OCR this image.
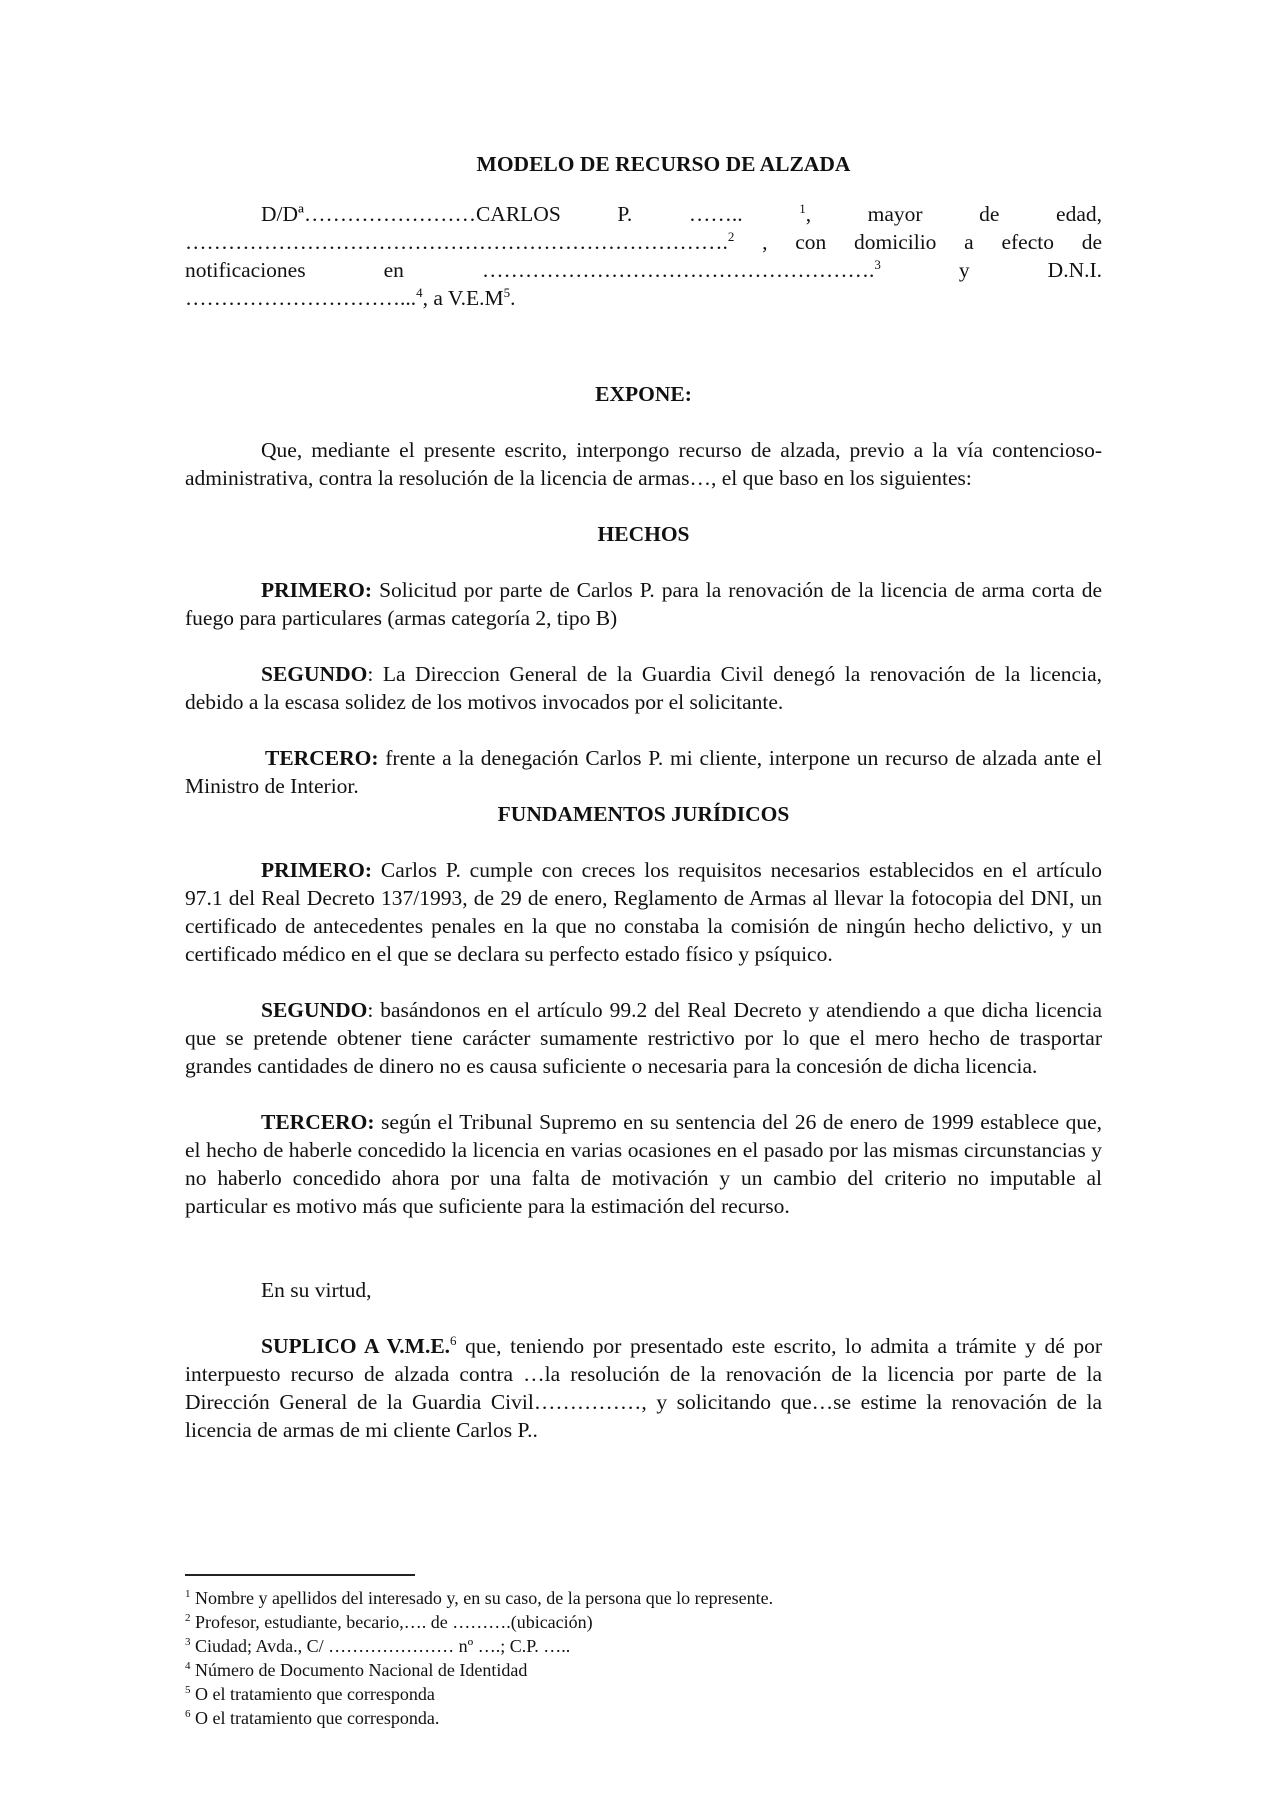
MODELO DE RECURSO DE ALZADA

D/Dª……………………CARLOS P. ……..	$^1$, mayor de edad,

………………………………………………………………….$^2$ , con domicilio a efecto de

notificaciones en ……………………………………………….$^3$	y D.N.I.

…………………………...$^4$, a $V.E.M^5$.

EXPONE:

Que, mediante el presente escrito, interpongo recurso de alzada, previo a la vía contencioso-administrativa, contra la resolución de la licencia de armas…, el que baso en los siguientes:

HECHOS

PRIMERO: Solicitud por parte de Carlos P. para la renovación de la licencia de arma corta de fuego para particulares (armas categoría 2, tipo B)

SEGUNDO: La Direccion General de la Guardia Civil denegó la renovación de la licencia, debido a la escasa solidez de los motivos invocados por el solicitante.

TERCERO: frente a la denegación Carlos P. mi cliente, interpone un recurso de alzada ante el Ministro de Interior.

FUNDAMENTOS JURÍDICOS

PRIMERO: Carlos P. cumple con creces los requisitos necesarios establecidos en el artículo 97.1 del Real Decreto 137/1993, de 29 de enero, Reglamento de Armas al llevar la fotocopia del DNI, un certificado de antecedentes penales en la que no constaba la comisión de ningún hecho delictivo, y un certificado médico en el que se declara su perfecto estado físico y psíquico.

SEGUNDO: basándonos en el artículo 99.2 del Real Decreto y atendiendo a que dicha licencia que se pretende obtener tiene carácter sumamente restrictivo por lo que el mero hecho de trasportar grandes cantidades de dinero no es causa suficiente o necesaria para la concesión de dicha licencia.

TERCERO: según el Tribunal Supremo en su sentencia del 26 de enero de 1999 establece que, el hecho de haberle concedido la licencia en varias ocasiones en el pasado por las mismas circunstancias y no haberlo concedido ahora por una falta de motivación y un cambio del criterio no imputable al particular es motivo más que suficiente para la estimación del recurso.

En su virtud,

SUPLICO A V.M.E.$^6$ que, teniendo por presentado este escrito, lo admita a trámite y dé por interpuesto recurso de alzada contra …la resolución de la renovación de la licencia por parte de la Dirección General de la Guardia Civil……………, y solicitando que…se estime la renovación de la licencia de armas de mi cliente Carlos P..

$^1$ Nombre y apellidos del interesado y, en su caso, de la persona que lo represente.
$^2$ Profesor, estudiante, becario,…. de ……….(ubicación)
$^3$ Ciudad; Avda., C/ ………………… nº ….; C.P. …..
$^4$ Número de Documento Nacional de Identidad
$^5$ O el tratamiento que corresponda
$^6$ O el tratamiento que corresponda.
